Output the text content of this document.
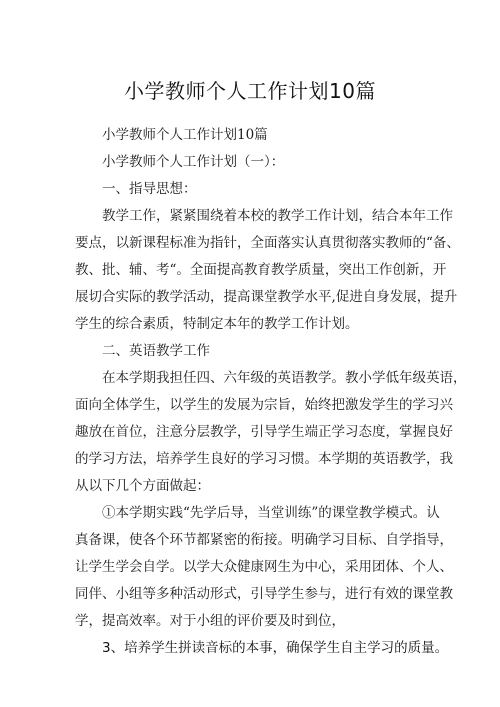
小学教师个人工作计划10篇
小学教师个人工作计划10篇
小学教师个人工作计划（一）：
一、指导思想：
教学工作，紧紧围绕着本校的教学工作计划，结合本年工作
要点，以新课程标准为指针，全面落实认真贯彻落实教师的“备、
教、批、辅、考“。全面提高教育教学质量，突出工作创新，开
展切合实际的教学活动，提高课堂教学水平,促进自身发展，提升
学生的综合素质，特制定本年的教学工作计划。
二、英语教学工作
在本学期我担任四、六年级的英语教学。教小学低年级英语，
面向全体学生，以学生的发展为宗旨，始终把激发学生的学习兴
趣放在首位，注意分层教学，引导学生端正学习态度，掌握良好
的学习方法，培养学生良好的学习习惯。本学期的英语教学，我
从以下几个方面做起：
①本学期实践“先学后导，当堂训练”的课堂教学模式。认
真备课，使各个环节都紧密的衔接。明确学习目标、自学指导，
让学生学会自学。以学大众健康网生为中心，采用团体、个人、
同伴、小组等多种活动形式，引导学生参与，进行有效的课堂教
学，提高效率。对于小组的评价要及时到位，
3、培养学生拼读音标的本事，确保学生自主学习的质量。
